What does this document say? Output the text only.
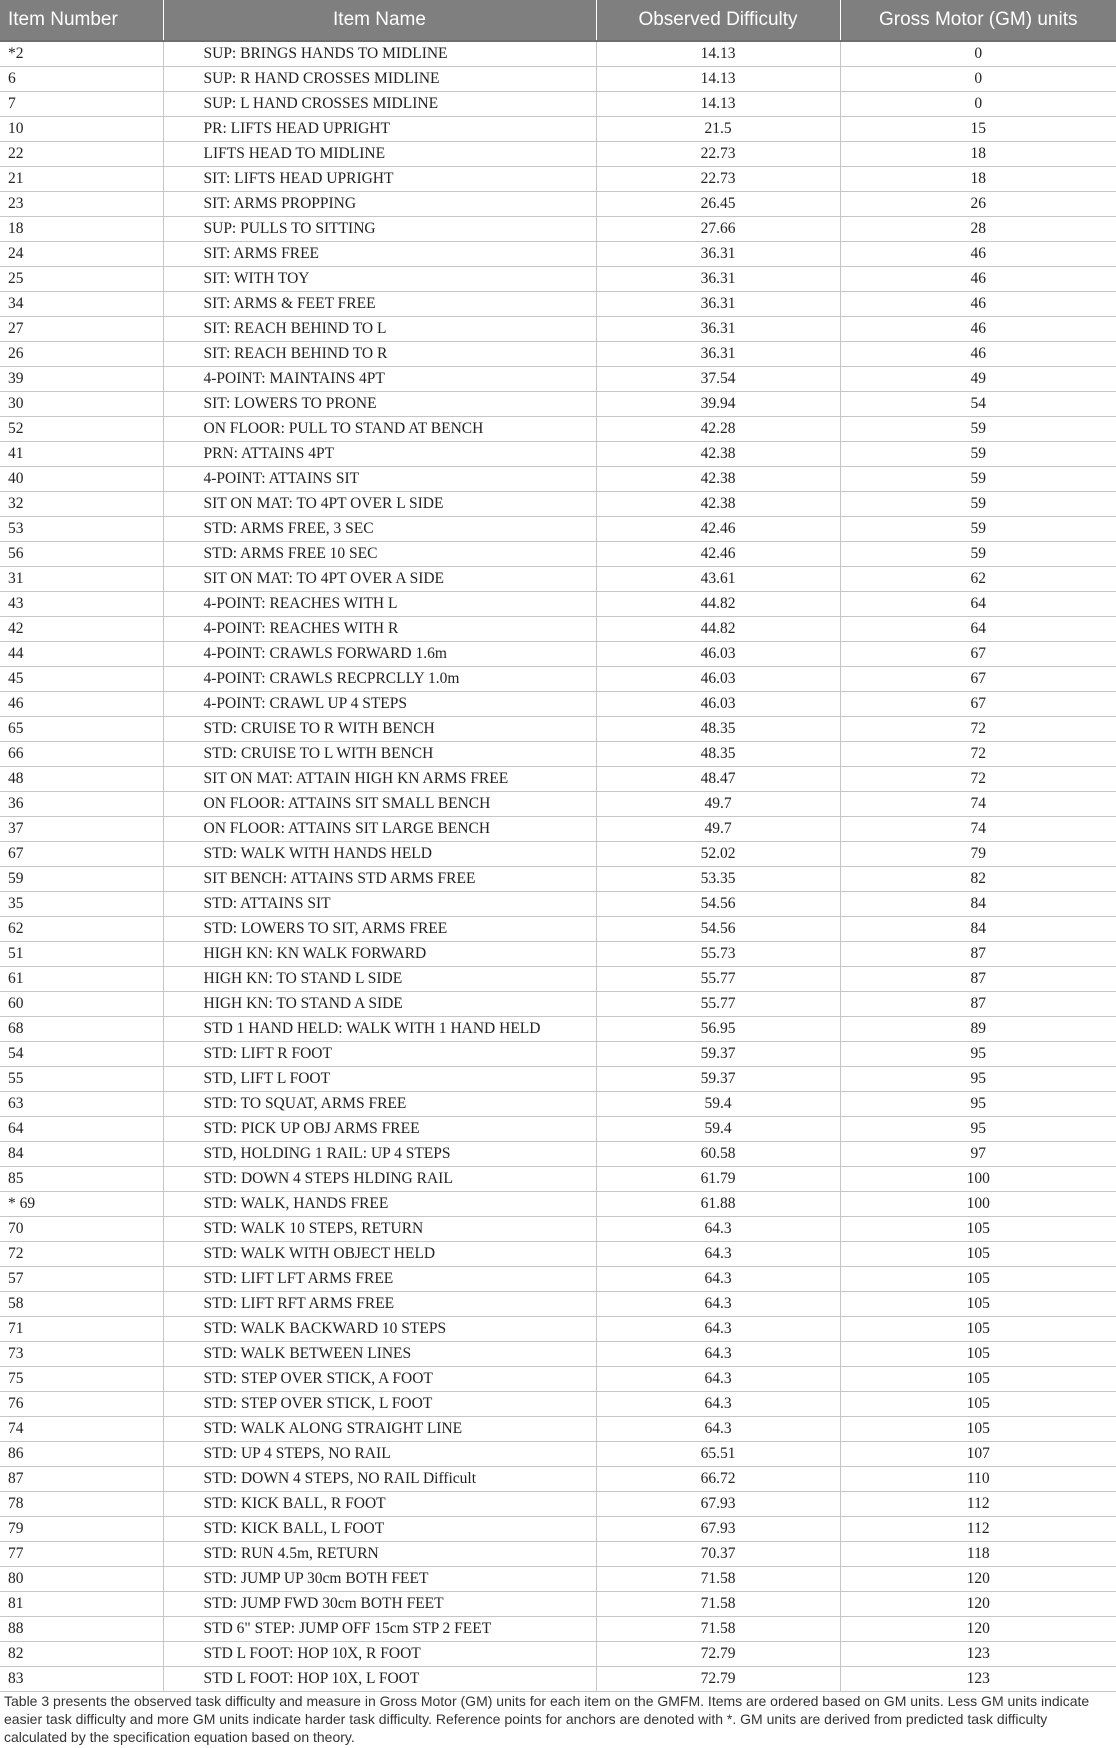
Item Number	Item Name	Observed Difficulty	Gross Motor (GM) units
*2	SUP: BRINGS HANDS TO MIDLINE	14.13	0
6	SUP: R HAND CROSSES MIDLINE	14.13	0
7	SUP: L HAND CROSSES MIDLINE	14.13	0
10	PR: LIFTS HEAD UPRIGHT	21.5	15
22	LIFTS HEAD TO MIDLINE	22.73	18
21	SIT: LIFTS HEAD UPRIGHT	22.73	18
23	SIT: ARMS PROPPING	26.45	26
18	SUP: PULLS TO SITTING	27.66	28
24	SIT: ARMS FREE	36.31	46
25	SIT: WITH TOY	36.31	46
34	SIT: ARMS & FEET FREE	36.31	46
27	SIT: REACH BEHIND TO L	36.31	46
26	SIT: REACH BEHIND TO R	36.31	46
39	4-POINT: MAINTAINS 4PT	37.54	49
30	SIT: LOWERS TO PRONE	39.94	54
52	ON FLOOR: PULL TO STAND AT BENCH	42.28	59
41	PRN: ATTAINS 4PT	42.38	59
40	4-POINT: ATTAINS SIT	42.38	59
32	SIT ON MAT: TO 4PT OVER L SIDE	42.38	59
53	STD: ARMS FREE, 3 SEC	42.46	59
56	STD: ARMS FREE 10 SEC	42.46	59
31	SIT ON MAT: TO 4PT OVER A SIDE	43.61	62
43	4-POINT: REACHES WITH L	44.82	64
42	4-POINT: REACHES WITH R	44.82	64
44	4-POINT: CRAWLS FORWARD 1.6m	46.03	67
45	4-POINT: CRAWLS RECPRCLLY 1.0m	46.03	67
46	4-POINT: CRAWL UP 4 STEPS	46.03	67
65	STD: CRUISE TO R WITH BENCH	48.35	72
66	STD: CRUISE TO L WITH BENCH	48.35	72
48	SIT ON MAT: ATTAIN HIGH KN ARMS FREE	48.47	72
36	ON FLOOR: ATTAINS SIT SMALL BENCH	49.7	74
37	ON FLOOR: ATTAINS SIT LARGE BENCH	49.7	74
67	STD: WALK WITH HANDS HELD	52.02	79
59	SIT BENCH: ATTAINS STD ARMS FREE	53.35	82
35	STD: ATTAINS SIT	54.56	84
62	STD: LOWERS TO SIT, ARMS FREE	54.56	84
51	HIGH KN: KN WALK FORWARD	55.73	87
61	HIGH KN: TO STAND L SIDE	55.77	87
60	HIGH KN: TO STAND A SIDE	55.77	87
68	STD 1 HAND HELD: WALK WITH 1 HAND HELD	56.95	89
54	STD: LIFT R FOOT	59.37	95
55	STD, LIFT L FOOT	59.37	95
63	STD: TO SQUAT, ARMS FREE	59.4	95
64	STD: PICK UP OBJ ARMS FREE	59.4	95
84	STD, HOLDING 1 RAIL: UP 4 STEPS	60.58	97
85	STD: DOWN 4 STEPS HLDING RAIL	61.79	100
* 69	STD: WALK, HANDS FREE	61.88	100
70	STD: WALK 10 STEPS, RETURN	64.3	105
72	STD: WALK WITH OBJECT HELD	64.3	105
57	STD: LIFT LFT ARMS FREE	64.3	105
58	STD: LIFT RFT ARMS FREE	64.3	105
71	STD: WALK BACKWARD 10 STEPS	64.3	105
73	STD: WALK BETWEEN LINES	64.3	105
75	STD: STEP OVER STICK, A FOOT	64.3	105
76	STD: STEP OVER STICK, L FOOT	64.3	105
74	STD: WALK ALONG STRAIGHT LINE	64.3	105
86	STD: UP 4 STEPS, NO RAIL	65.51	107
87	STD: DOWN 4 STEPS, NO RAIL Difficult	66.72	110
78	STD: KICK BALL, R FOOT	67.93	112
79	STD: KICK BALL, L FOOT	67.93	112
77	STD: RUN 4.5m, RETURN	70.37	118
80	STD: JUMP UP 30cm BOTH FEET	71.58	120
81	STD: JUMP FWD 30cm BOTH FEET	71.58	120
88	STD 6" STEP: JUMP OFF 15cm STP 2 FEET	71.58	120
82	STD L FOOT: HOP 10X, R FOOT	72.79	123
83	STD L FOOT: HOP 10X, L FOOT	72.79	123
Table 3 presents the observed task difficulty and measure in Gross Motor (GM) units for each item on the GMFM. Items are ordered based on GM units. Less GM units indicate easier task difficulty and more GM units indicate harder task difficulty. Reference points for anchors are denoted with *. GM units are derived from predicted task difficulty calculated by the specification equation based on theory.
